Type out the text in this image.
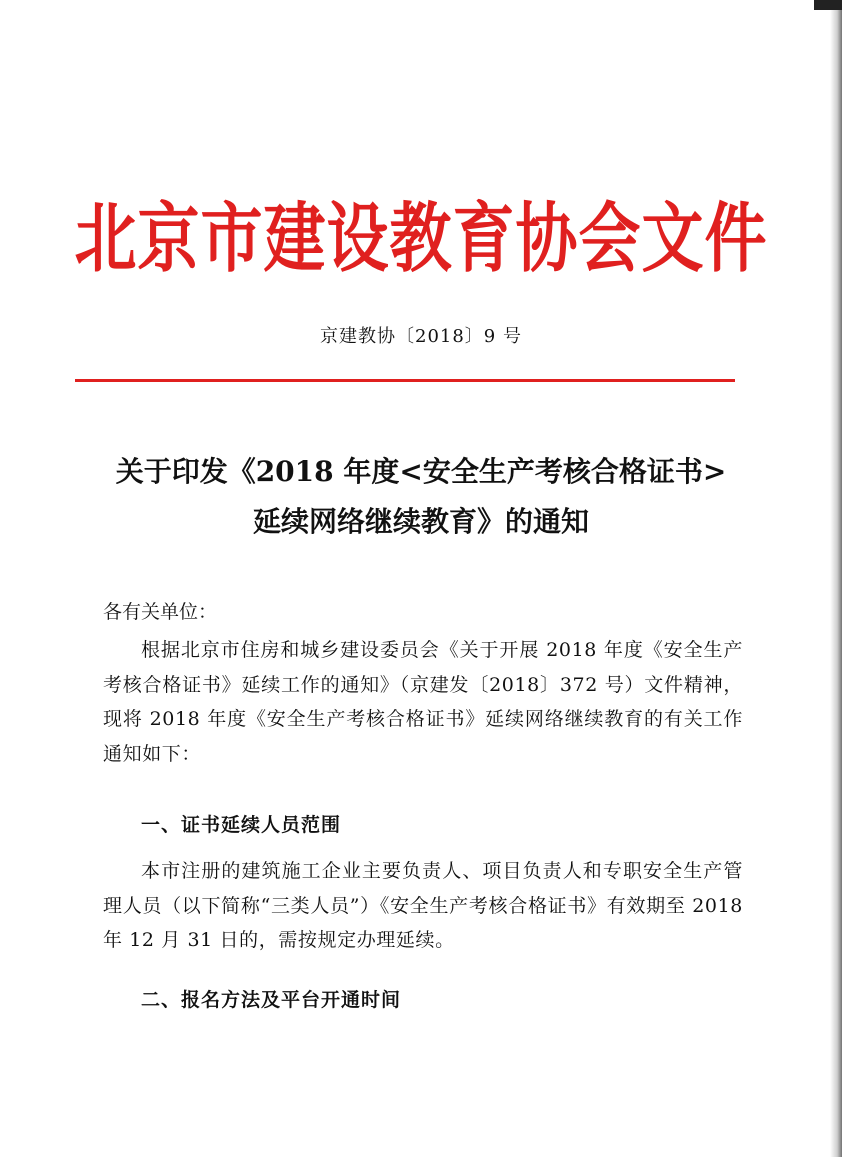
北京市建设教育协会文件
京建教协〔2018〕9 号
关于印发《2018 年度<安全生产考核合格证书>
延续网络继续教育》的通知
各有关单位：
根据北京市住房和城乡建设委员会《关于开展 2018 年度《安全生产考核合格证书》延续工作的通知》（京建发〔2018〕372 号）文件精神，现将 2018 年度《安全生产考核合格证书》延续网络继续教育的有关工作通知如下：
一、证书延续人员范围
本市注册的建筑施工企业主要负责人、项目负责人和专职安全生产管理人员（以下简称“三类人员”）《安全生产考核合格证书》有效期至 2018 年 12 月 31 日的，需按规定办理延续。
二、报名方法及平台开通时间
